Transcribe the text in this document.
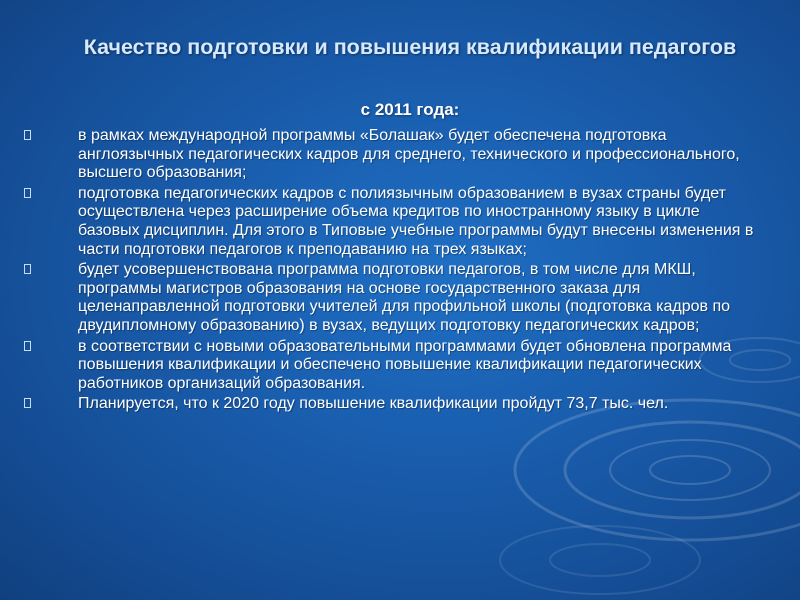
Качество подготовки и повышения квалификации педагогов
с 2011 года:
в рамках международной программы «Болашак» будет обеспечена подготовка англоязычных педагогических кадров для среднего, технического и профессионального, высшего образования;
подготовка педагогических кадров с полиязычным образованием в вузах страны будет осуществлена через расширение объема кредитов по иностранному языку в цикле базовых дисциплин. Для этого в Типовые учебные программы будут внесены изменения в части подготовки педагогов к преподаванию на трех языках;
будет усовершенствована программа подготовки педагогов, в том числе для МКШ, программы магистров образования на основе государственного заказа для целенаправленной подготовки учителей для профильной школы (подготовка кадров по двудипломному образованию) в вузах, ведущих подготовку педагогических кадров;
в соответствии с новыми образовательными программами будет обновлена программа повышения квалификации и обеспечено повышение квалификации педагогических работников организаций образования.
Планируется, что к 2020 году повышение квалификации пройдут 73,7 тыс. чел.
